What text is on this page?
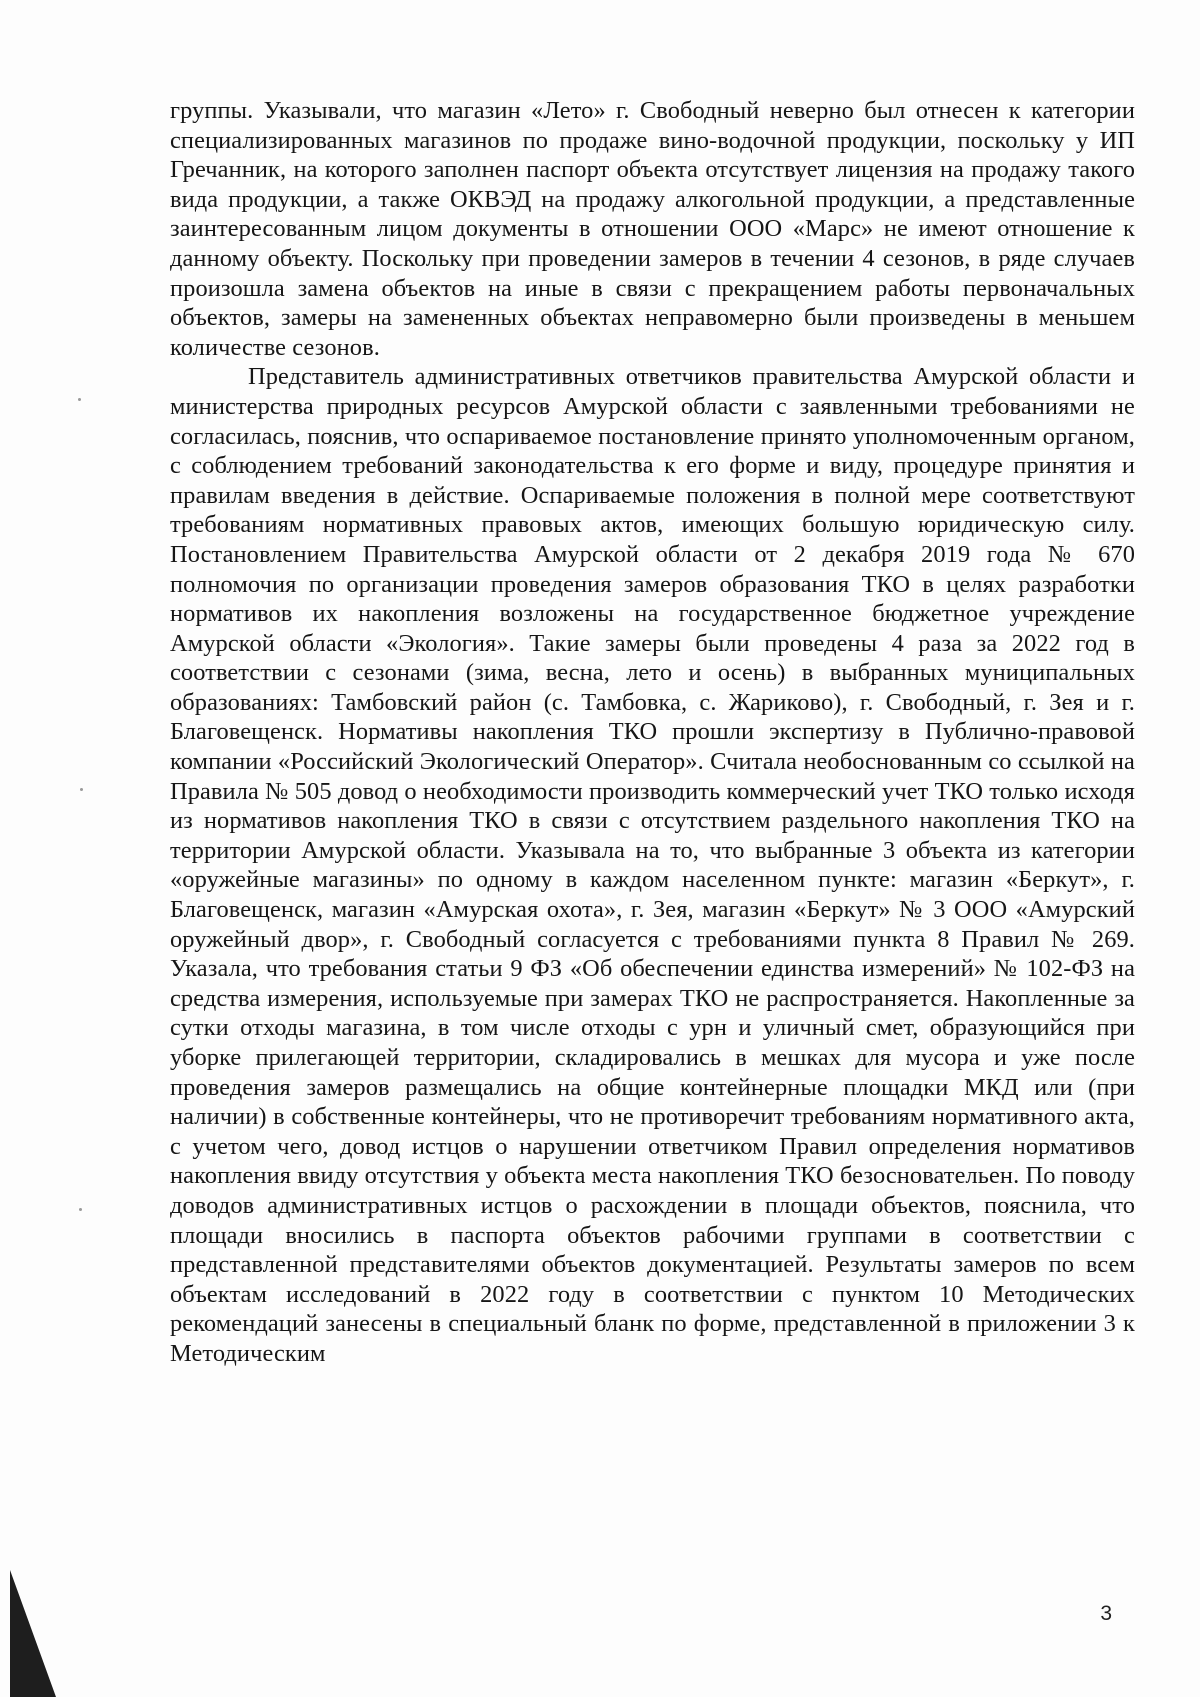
группы. Указывали, что магазин «Лето» г. Свободный неверно был отнесен к категории специализированных магазинов по продаже вино-водочной продукции, поскольку у ИП Гречанник, на которого заполнен паспорт объекта отсутствует лицензия на продажу такого вида продукции, а также ОКВЭД на продажу алкогольной продукции, а представленные заинтересованным лицом документы в отношении ООО «Марс» не имеют отношение к данному объекту. Поскольку при проведении замеров в течении 4 сезонов, в ряде случаев произошла замена объектов на иные в связи с прекращением работы первоначальных объектов, замеры на замененных объектах неправомерно были произведены в меньшем количестве сезонов.

Представитель административных ответчиков правительства Амурской области и министерства природных ресурсов Амурской области с заявленными требованиями не согласилась, пояснив, что оспариваемое постановление принято уполномоченным органом, с соблюдением требований законодательства к его форме и виду, процедуре принятия и правилам введения в действие. Оспариваемые положения в полной мере соответствуют требованиям нормативных правовых актов, имеющих большую юридическую силу. Постановлением Правительства Амурской области от 2 декабря 2019 года № 670 полномочия по организации проведения замеров образования ТКО в целях разработки нормативов их накопления возложены на государственное бюджетное учреждение Амурской области «Экология». Такие замеры были проведены 4 раза за 2022 год в соответствии с сезонами (зима, весна, лето и осень) в выбранных муниципальных образованиях: Тамбовский район (с. Тамбовка, с. Жариково), г. Свободный, г. Зея и г. Благовещенск. Нормативы накопления ТКО прошли экспертизу в Публично-правовой компании «Российский Экологический Оператор». Считала необоснованным со ссылкой на Правила № 505 довод о необходимости производить коммерческий учет ТКО только исходя из нормативов накопления ТКО в связи с отсутствием раздельного накопления ТКО на территории Амурской области. Указывала на то, что выбранные 3 объекта из категории «оружейные магазины» по одному в каждом населенном пункте: магазин «Беркут», г. Благовещенск, магазин «Амурская охота», г. Зея, магазин «Беркут» № 3 ООО «Амурский оружейный двор», г. Свободный согласуется с требованиями пункта 8 Правил № 269. Указала, что требования статьи 9 ФЗ «Об обеспечении единства измерений» № 102-ФЗ на средства измерения, используемые при замерах ТКО не распространяется. Накопленные за сутки отходы магазина, в том числе отходы с урн и уличный смет, образующийся при уборке прилегающей территории, складировались в мешках для мусора и уже после проведения замеров размещались на общие контейнерные площадки МКД или (при наличии) в собственные контейнеры, что не противоречит требованиям нормативного акта, с учетом чего, довод истцов о нарушении ответчиком Правил определения нормативов накопления ввиду отсутствия у объекта места накопления ТКО безосновательен. По поводу доводов административных истцов о расхождении в площади объектов, пояснила, что площади вносились в паспорта объектов рабочими группами в соответствии с представленной представителями объектов документацией. Результаты замеров по всем объектам исследований в 2022 году в соответствии с пунктом 10 Методических рекомендаций занесены в специальный бланк по форме, представленной в приложении 3 к Методическим

3
